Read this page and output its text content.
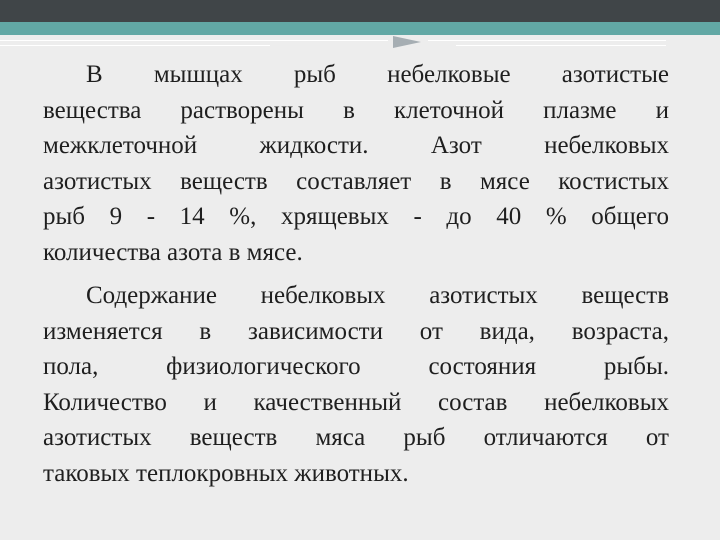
В мышцах рыб небелковые азотистые
вещества растворены в клеточной плазме и
межклеточной жидкости. Азот небелковых
азотистых веществ составляет в мясе костистых
рыб 9 - 14 %, хрящевых - до 40 % общего
количества азота в мясе.
Содержание небелковых азотистых веществ
изменяется в зависимости от вида, возраста,
пола, физиологического состояния рыбы.
Количество и качественный состав небелковых
азотистых веществ мяса рыб отличаются от
таковых теплокровных животных.
